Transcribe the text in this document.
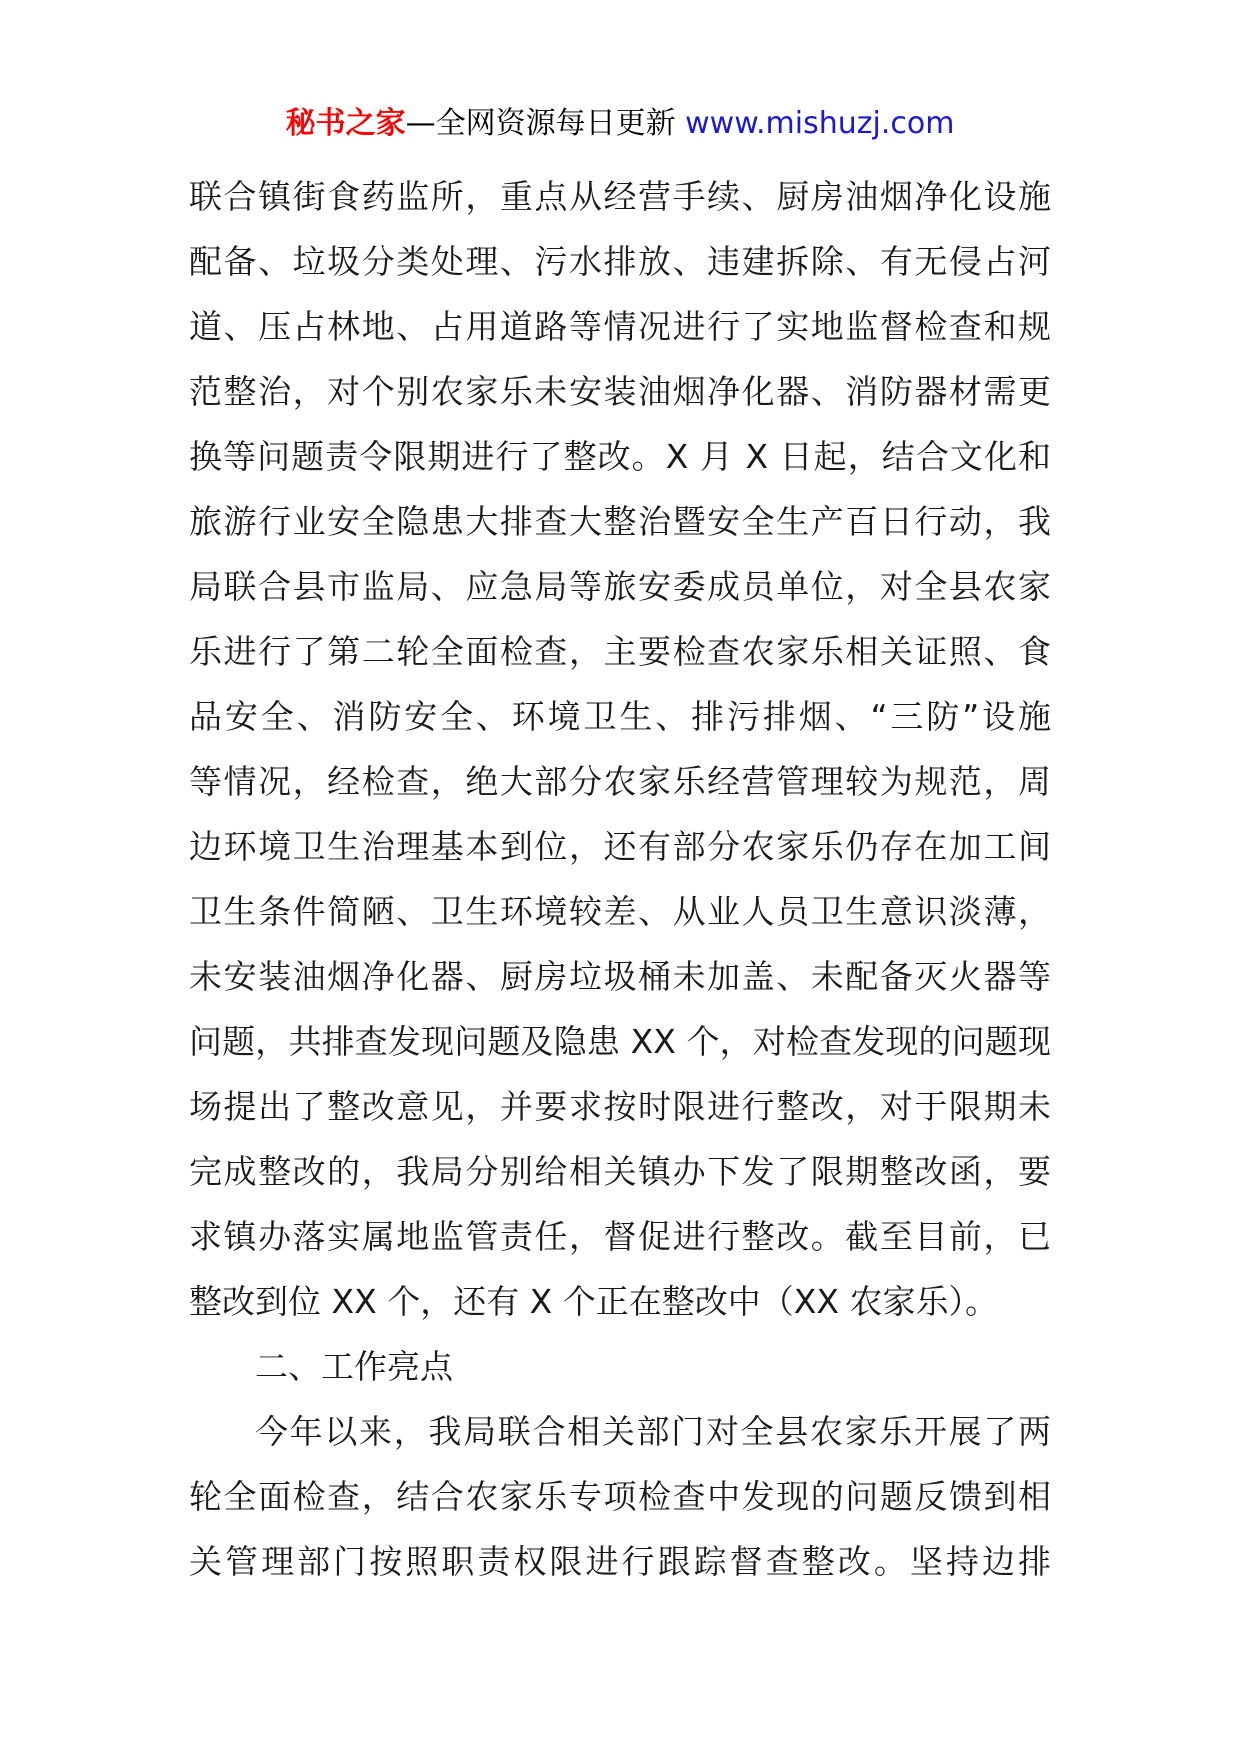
秘书之家—全网资源每日更新 www.mishuzj.com
联合镇街食药监所，重点从经营手续、厨房油烟净化设施
配备、垃圾分类处理、污水排放、违建拆除、有无侵占河
道、压占林地、占用道路等情况进行了实地监督检查和规
范整治，对个别农家乐未安装油烟净化器、消防器材需更
换等问题责令限期进行了整改。X 月 X 日起，结合文化和
旅游行业安全隐患大排查大整治暨安全生产百日行动，我
局联合县市监局、应急局等旅安委成员单位，对全县农家
乐进行了第二轮全面检查，主要检查农家乐相关证照、食
品安全、消防安全、环境卫生、排污排烟、“三防”设施
等情况，经检查，绝大部分农家乐经营管理较为规范，周
边环境卫生治理基本到位，还有部分农家乐仍存在加工间
卫生条件简陋、卫生环境较差、从业人员卫生意识淡薄，
未安装油烟净化器、厨房垃圾桶未加盖、未配备灭火器等
问题，共排查发现问题及隐患 XX 个，对检查发现的问题现
场提出了整改意见，并要求按时限进行整改，对于限期未
完成整改的，我局分别给相关镇办下发了限期整改函，要
求镇办落实属地监管责任，督促进行整改。截至目前，已
整改到位 XX 个，还有 X 个正在整改中（XX 农家乐）。
二、工作亮点
今年以来，我局联合相关部门对全县农家乐开展了两
轮全面检查，结合农家乐专项检查中发现的问题反馈到相
关管理部门按照职责权限进行跟踪督查整改。坚持边排
